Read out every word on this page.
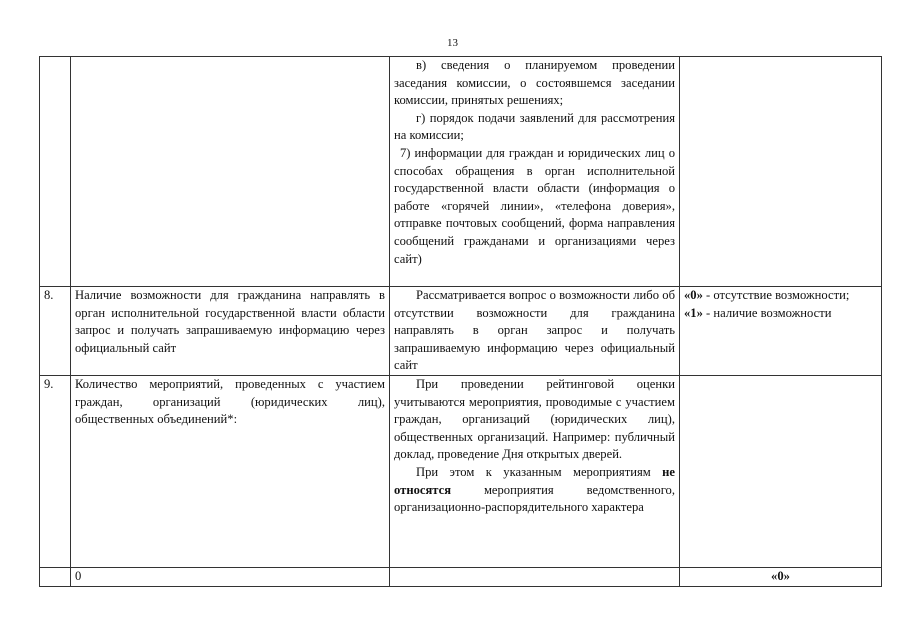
13

		в) сведения о планируемом проведении заседания комиссии, о состоявшемся заседании комиссии, принятых решениях;

г) порядок подачи заявлений для рассмотрения на комиссии;

7) информации для граждан и юридических лиц о способах обращения в орган исполнительной государственной власти области (информация о работе «горячей линии», «телефона доверия», отправке почтовых сообщений, форма направления сообщений гражданами и организациями через сайт)	

8.	Наличие возможности для гражданина направлять в орган исполнительной государственной власти области запрос и получать запрашиваемую информацию через официальный сайт	Рассматривается вопрос о возможности либо об отсутствии возможности для гражданина направлять в орган запрос и получать запрашиваемую информацию через официальный сайт	«0» - отсутствие возможности;
«1» - наличие возможности

9.	Количество мероприятий, проведенных с участием граждан, организаций (юридических лиц), общественных объединений*:	При проведении рейтинговой оценки учитываются мероприятия, проводимые с участием граждан, организаций (юридических лиц), общественных организаций. Например: публичный доклад, проведение Дня открытых дверей.

При этом к указанным мероприятиям не относятся мероприятия ведомственного, организационно-распорядительного характера	

	0		«0»
